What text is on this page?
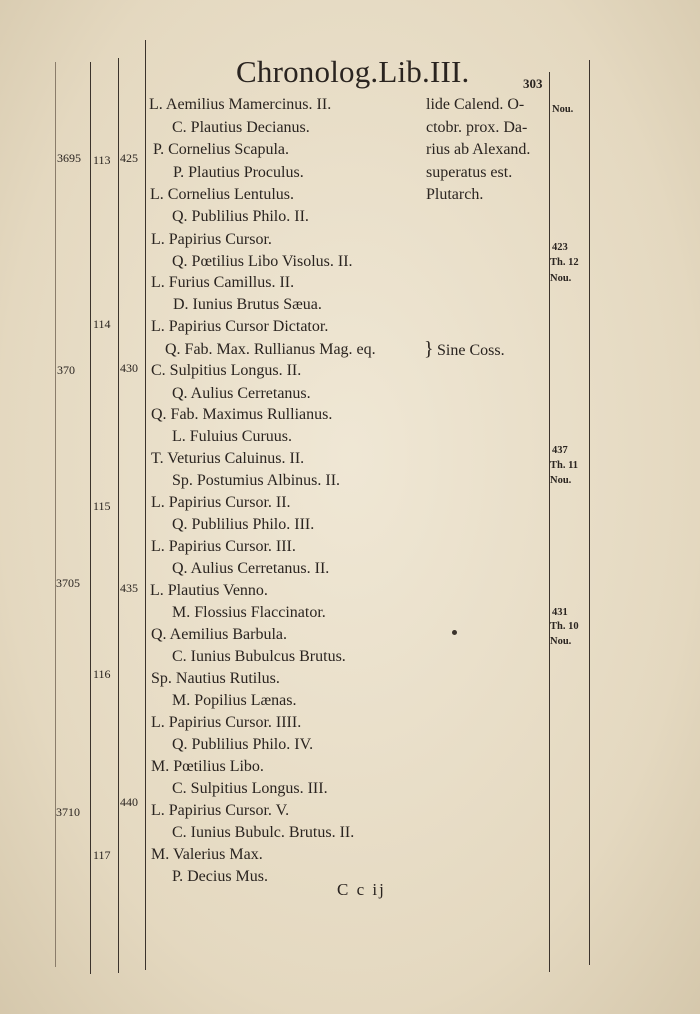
Chronolog.Lib.III.	303
L. Aemilius Mamercinus. II.
C. Plautius Decianus.
P. Cornelius Scapula.
P. Plautius Proculus.
L. Cornelius Lentulus.
Q. Publilius Philo. II.
L. Papirius Cursor.
Q. Pœtilius Libo Visolus. II.
L. Furius Camillus. II.
D. Iunius Brutus Sæua.
L. Papirius Cursor Dictator.
Q. Fab. Max. Rullianus Mag. eq.
C. Sulpitius Longus. II.
Q. Aulius Cerretanus.
Q. Fab. Maximus Rullianus.
L. Fuluius Curuus.
T. Veturius Caluinus. II.
Sp. Postumius Albinus. II.
L. Papirius Cursor. II.
Q. Publilius Philo. III.
L. Papirius Cursor. III.
Q. Aulius Cerretanus. II.
L. Plautius Venno.
M. Flossius Flaccinator.
Q. Aemilius Barbula.
C. Iunius Bubulcus Brutus.
Sp. Nautius Rutilus.
M. Popilius Lænas.
L. Papirius Cursor. IIII.
Q. Publilius Philo. IV.
M. Pœtilius Libo.
C. Sulpitius Longus. III.
L. Papirius Cursor. V.
C. Iunius Bubulc. Brutus. II.
M. Valerius Max.
P. Decius Mus.
lide Calend. O-
ctobr. prox. Da-
rius ab Alexand.
superatus est.
Plutarch.
} Sine Coss.
3695
370
3705
3710
113
114
115
116
117
425
430
435
440
Nou.
423
Th. 12
Nou.
437
Th. 11
Nou.
431
Th. 10
Nou.
C c ij
